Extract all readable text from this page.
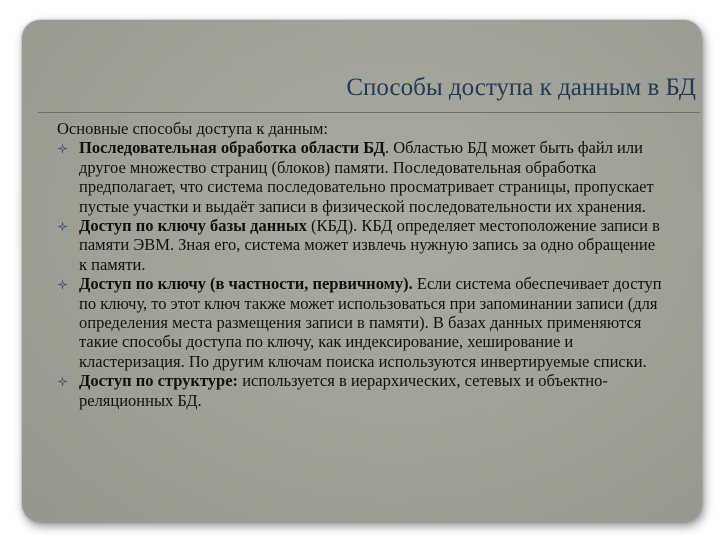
Способы доступа к данным в БД

Основные способы доступа к данным:

Последовательная обработка области БД. Областью БД может быть файл или другое множество страниц (блоков) памяти. Последовательная обработка предполагает, что система последовательно просматривает страницы, пропускает пустые участки и выдаёт записи в физической последовательности их хранения.
Доступ по ключу базы данных (КБД). КБД определяет местоположение записи в памяти ЭВМ. Зная его, система может извлечь нужную запись за одно обращение к памяти.
Доступ по ключу (в частности, первичному). Если система обеспечивает доступ по ключу, то этот ключ также может использоваться при запоминании записи (для определения места размещения записи в памяти). В базах данных применяются такие способы доступа по ключу, как индексирование, хеширование и кластеризация. По другим ключам поиска используются инвертируемые списки.
Доступ по структуре: используется в иерархических, сетевых и объектно-реляционных БД.
